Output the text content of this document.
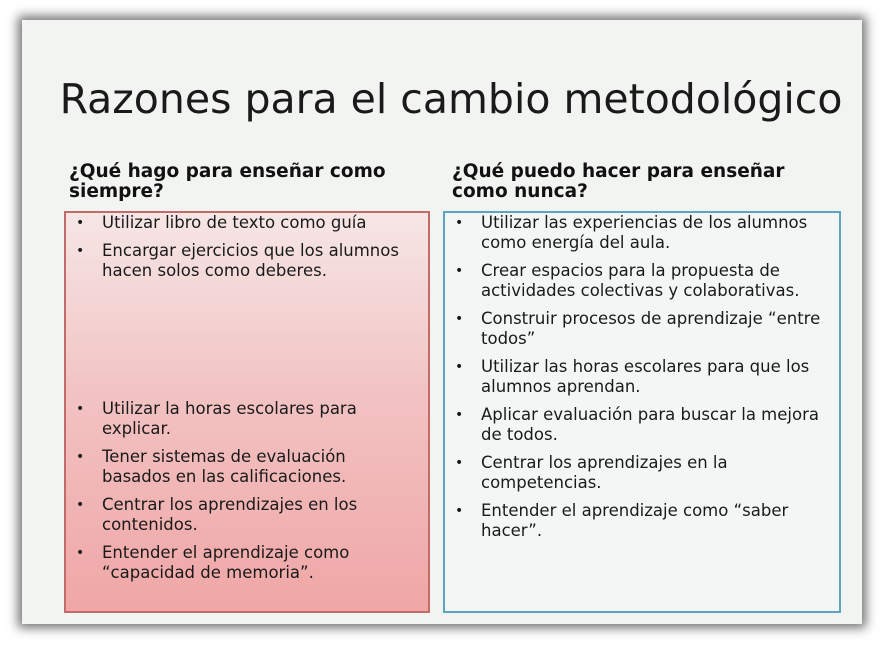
Razones para el cambio metodológico
¿Qué hago para enseñar como siempre?
¿Qué puedo hacer para enseñar como nunca?
• Utilizar libro de texto como guía
• Encargar ejercicios que los alumnos hacen solos como deberes.
• Utilizar la horas escolares para explicar.
• Tener sistemas de evaluación basados en las calificaciones.
• Centrar los aprendizajes en los contenidos.
• Entender el aprendizaje como “capacidad de memoria”.
• Utilizar las experiencias de los alumnos como energía del aula.
• Crear espacios para la propuesta de actividades colectivas y colaborativas.
• Construir procesos de aprendizaje “entre todos”
• Utilizar las horas escolares para que los alumnos aprendan.
• Aplicar evaluación para buscar la mejora de todos.
• Centrar los aprendizajes en la competencias.
• Entender el aprendizaje como “saber hacer”.
